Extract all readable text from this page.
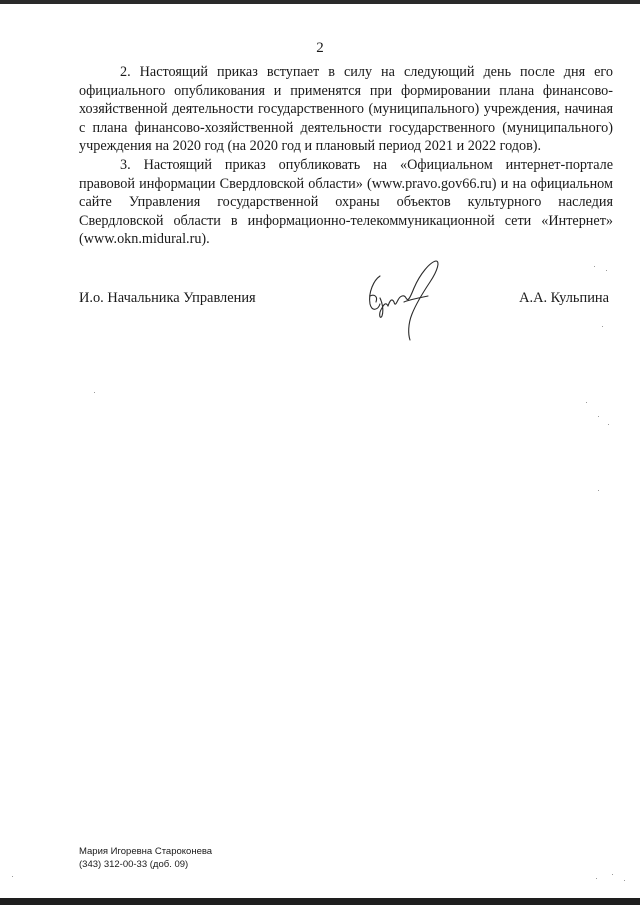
2

2. Настоящий приказ вступает в силу на следующий день после дня его официального опубликования и применятся при формировании плана финансово-хозяйственной деятельности государственного (муниципального) учреждения, начиная с плана финансово-хозяйственной деятельности государственного (муниципального) учреждения на 2020 год (на 2020 год и плановый период 2021 и 2022 годов).

3. Настоящий приказ опубликовать на «Официальном интернет-портале правовой информации Свердловской области» (www.pravo.gov66.ru) и на официальном сайте Управления государственной охраны объектов культурного наследия Свердловской области в информационно-телекоммуникационной сети «Интернет» (www.okn.midural.ru).

И.о. Начальника Управления	А.А. Кульпина
Мария Игоревна Староконева
(343) 312-00-33 (доб. 09)
